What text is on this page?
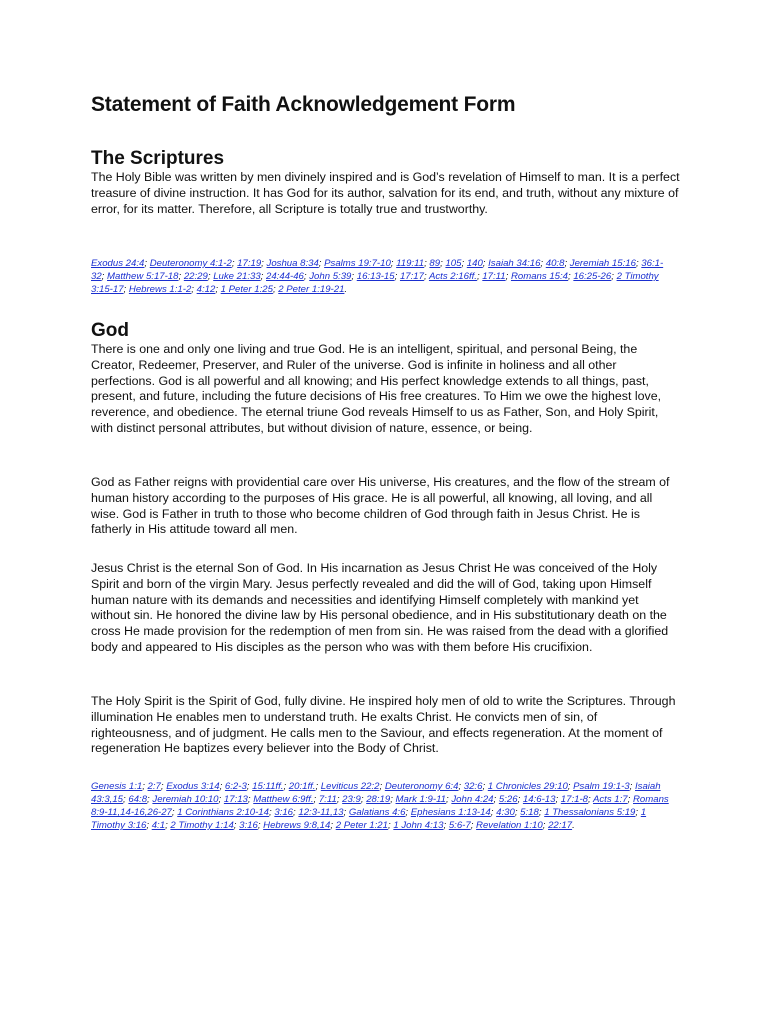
Statement of Faith Acknowledgement Form
The Scriptures

The Holy Bible was written by men divinely inspired and is God’s revelation of Himself to man. It is a perfect treasure of divine instruction. It has God for its author, salvation for its end, and truth, without any mixture of error, for its matter. Therefore, all Scripture is totally true and trustworthy.

Exodus 24:4; Deuteronomy 4:1-2; 17:19; Joshua 8:34; Psalms 19:7-10; 119:11; 89; 105; 140; Isaiah 34:16; 40:8; Jeremiah 15:16; 36:1-32; Matthew 5:17-18; 22:29; Luke 21:33; 24:44-46; John 5:39; 16:13-15; 17:17; Acts 2:16ff.; 17:11; Romans 15:4; 16:25-26; 2 Timothy 3:15-17; Hebrews 1:1-2; 4:12; 1 Peter 1:25; 2 Peter 1:19-21.

God

There is one and only one living and true God. He is an intelligent, spiritual, and personal Being, the Creator, Redeemer, Preserver, and Ruler of the universe. God is infinite in holiness and all other perfections. God is all powerful and all knowing; and His perfect knowledge extends to all things, past, present, and future, including the future decisions of His free creatures. To Him we owe the highest love, reverence, and obedience. The eternal triune God reveals Himself to us as Father, Son, and Holy Spirit, with distinct personal attributes, but without division of nature, essence, or being.

God as Father reigns with providential care over His universe, His creatures, and the flow of the stream of human history according to the purposes of His grace. He is all powerful, all knowing, all loving, and all wise. God is Father in truth to those who become children of God through faith in Jesus Christ. He is fatherly in His attitude toward all men.

Jesus Christ is the eternal Son of God. In His incarnation as Jesus Christ He was conceived of the Holy Spirit and born of the virgin Mary. Jesus perfectly revealed and did the will of God, taking upon Himself human nature with its demands and necessities and identifying Himself completely with mankind yet without sin. He honored the divine law by His personal obedience, and in His substitutionary death on the cross He made provision for the redemption of men from sin. He was raised from the dead with a glorified body and appeared to His disciples as the person who was with them before His crucifixion.

The Holy Spirit is the Spirit of God, fully divine. He inspired holy men of old to write the Scriptures. Through illumination He enables men to understand truth. He exalts Christ. He convicts men of sin, of righteousness, and of judgment. He calls men to the Saviour, and effects regeneration. At the moment of regeneration He baptizes every believer into the Body of Christ.

Genesis 1:1; 2:7; Exodus 3:14; 6:2-3; 15:11ff.; 20:1ff.; Leviticus 22:2; Deuteronomy 6:4; 32:6; 1 Chronicles 29:10; Psalm 19:1-3; Isaiah 43:3,15; 64:8; Jeremiah 10:10; 17:13; Matthew 6:9ff.; 7:11; 23:9; 28:19; Mark 1:9-11; John 4:24; 5:26; 14:6-13; 17:1-8; Acts 1:7; Romans 8:9-11,14-16,26-27; 1 Corinthians 2:10-14; 3:16; 12:3-11,13; Galatians 4:6; Ephesians 1:13-14; 4:30; 5:18; 1 Thessalonians 5:19; 1 Timothy 3:16; 4:1; 2 Timothy 1:14; 3:16; Hebrews 9:8,14; 2 Peter 1:21; 1 John 4:13; 5:6-7; Revelation 1:10; 22:17.
